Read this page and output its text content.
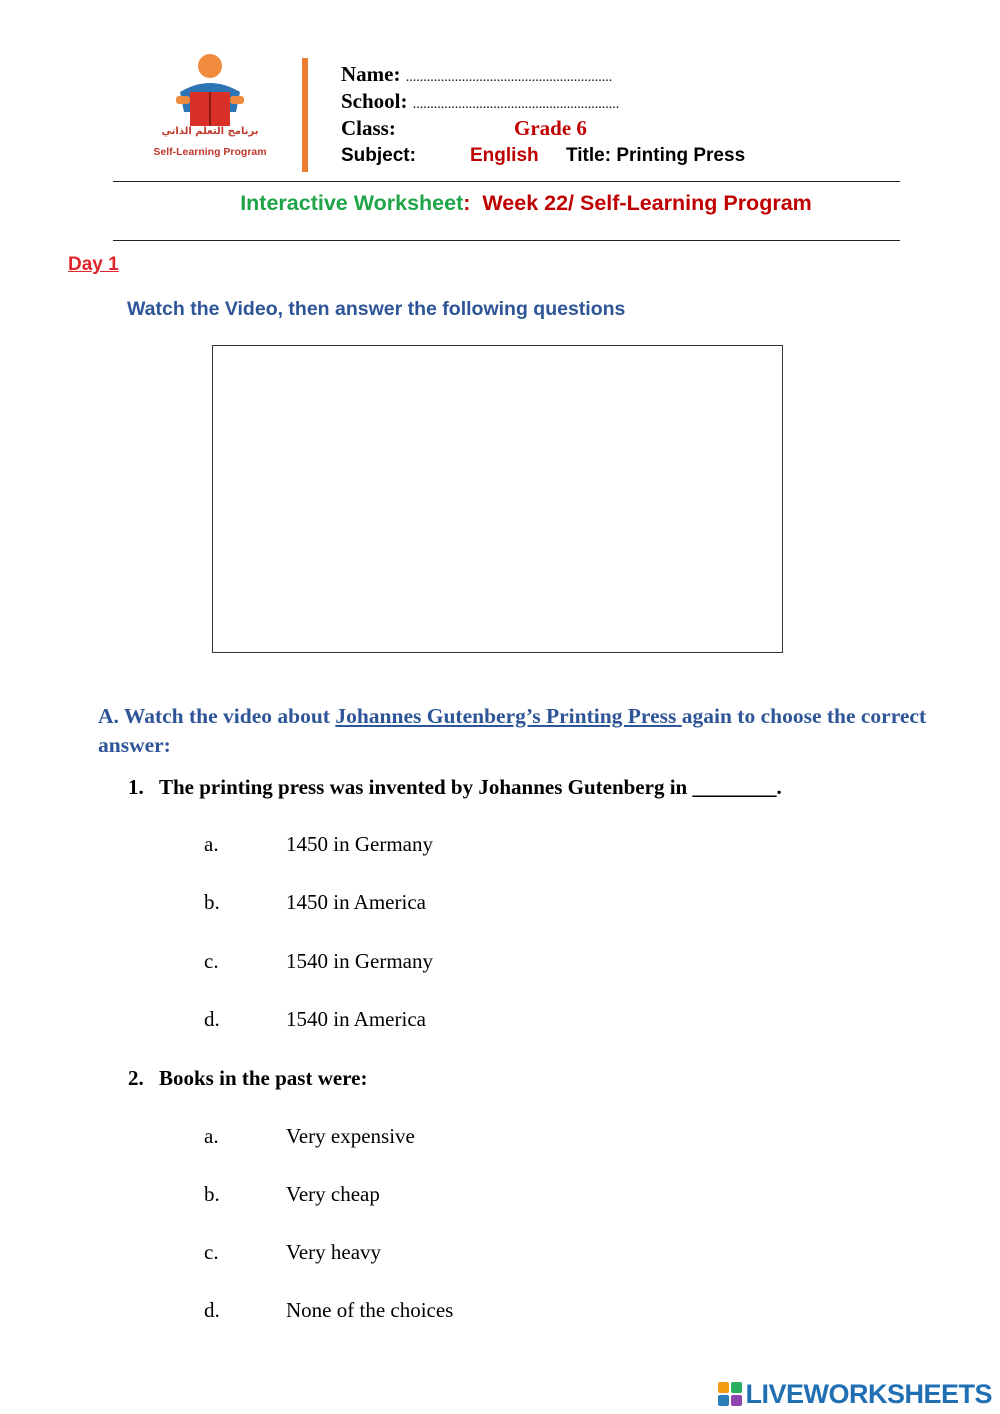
برنامج التعلم الذاتي
Self-Learning Program
Name: ...........................................................
School: ...........................................................
Class:	Grade 6
Subject:	English Title: Printing Press
Interactive Worksheet: Week 22/ Self-Learning Program
Day 1
Watch the Video, then answer the following questions
A. Watch the video about Johannes Gutenberg’s Printing Press again to choose the correct answer:
1. The printing press was invented by Johannes Gutenberg in ________.
a.	1450 in Germany
b.	1450 in America
c.	1540 in Germany
d.	1540 in America
2. Books in the past were:
a.	Very expensive
b.	Very cheap
c.	Very heavy
d.	None of the choices
LIVEWORKSHEETS
